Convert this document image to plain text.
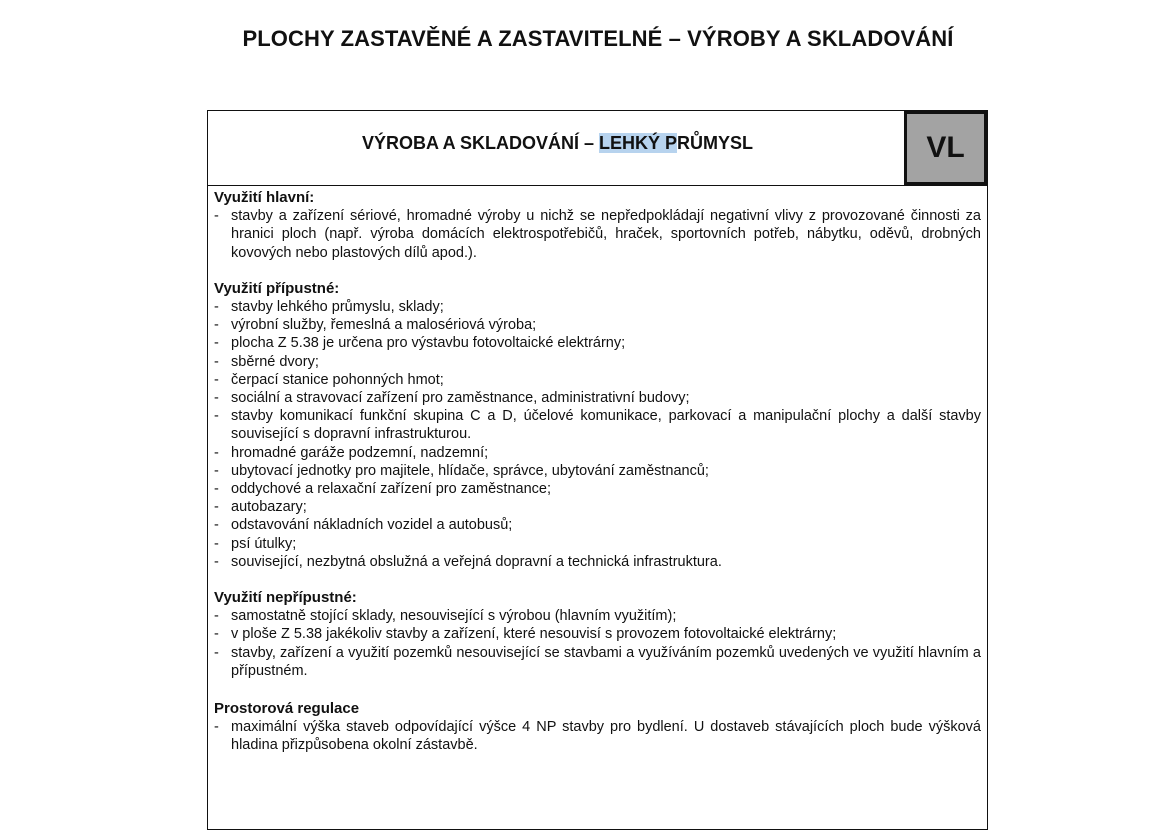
PLOCHY ZASTAVĚNÉ A ZASTAVITELNÉ – VÝROBY A SKLADOVÁNÍ
VÝROBA A SKLADOVÁNÍ – LEHKÝ PRŮMYSL	VL
Využití hlavní:
- stavby a zařízení sériové, hromadné výroby u nichž se nepředpokládají negativní vlivy z provozované činnosti za hranici ploch (např. výroba domácích elektrospotřebičů, hraček, sportovních potřeb, nábytku, oděvů, drobných kovových nebo plastových dílů apod.).
Využití přípustné:
- stavby lehkého průmyslu, sklady;
- výrobní služby, řemeslná a malosériová výroba;
- plocha Z 5.38 je určena pro výstavbu fotovoltaické elektrárny;
- sběrné dvory;
- čerpací stanice pohonných hmot;
- sociální a stravovací zařízení pro zaměstnance, administrativní budovy;
- stavby komunikací funkční skupina C a D, účelové komunikace, parkovací a manipulační plochy a další stavby související s dopravní infrastrukturou.
- hromadné garáže podzemní, nadzemní;
- ubytovací jednotky pro majitele, hlídače, správce, ubytování zaměstnanců;
- oddychové a relaxační zařízení pro zaměstnance;
- autobazary;
- odstavování nákladních vozidel a autobusů;
- psí útulky;
- související, nezbytná obslužná a veřejná dopravní a technická infrastruktura.
Využití nepřípustné:
- samostatně stojící sklady, nesouvisející s výrobou (hlavním využitím);
- v ploše Z 5.38 jakékoliv stavby a zařízení, které nesouvisí s provozem fotovoltaické elektrárny;
- stavby, zařízení a využití pozemků nesouvisející se stavbami a využíváním pozemků uvedených ve využití hlavním a přípustném.
Prostorová regulace
- maximální výška staveb odpovídající výšce 4 NP stavby pro bydlení. U dostaveb stávajících ploch bude výšková hladina přizpůsobena okolní zástavbě.
